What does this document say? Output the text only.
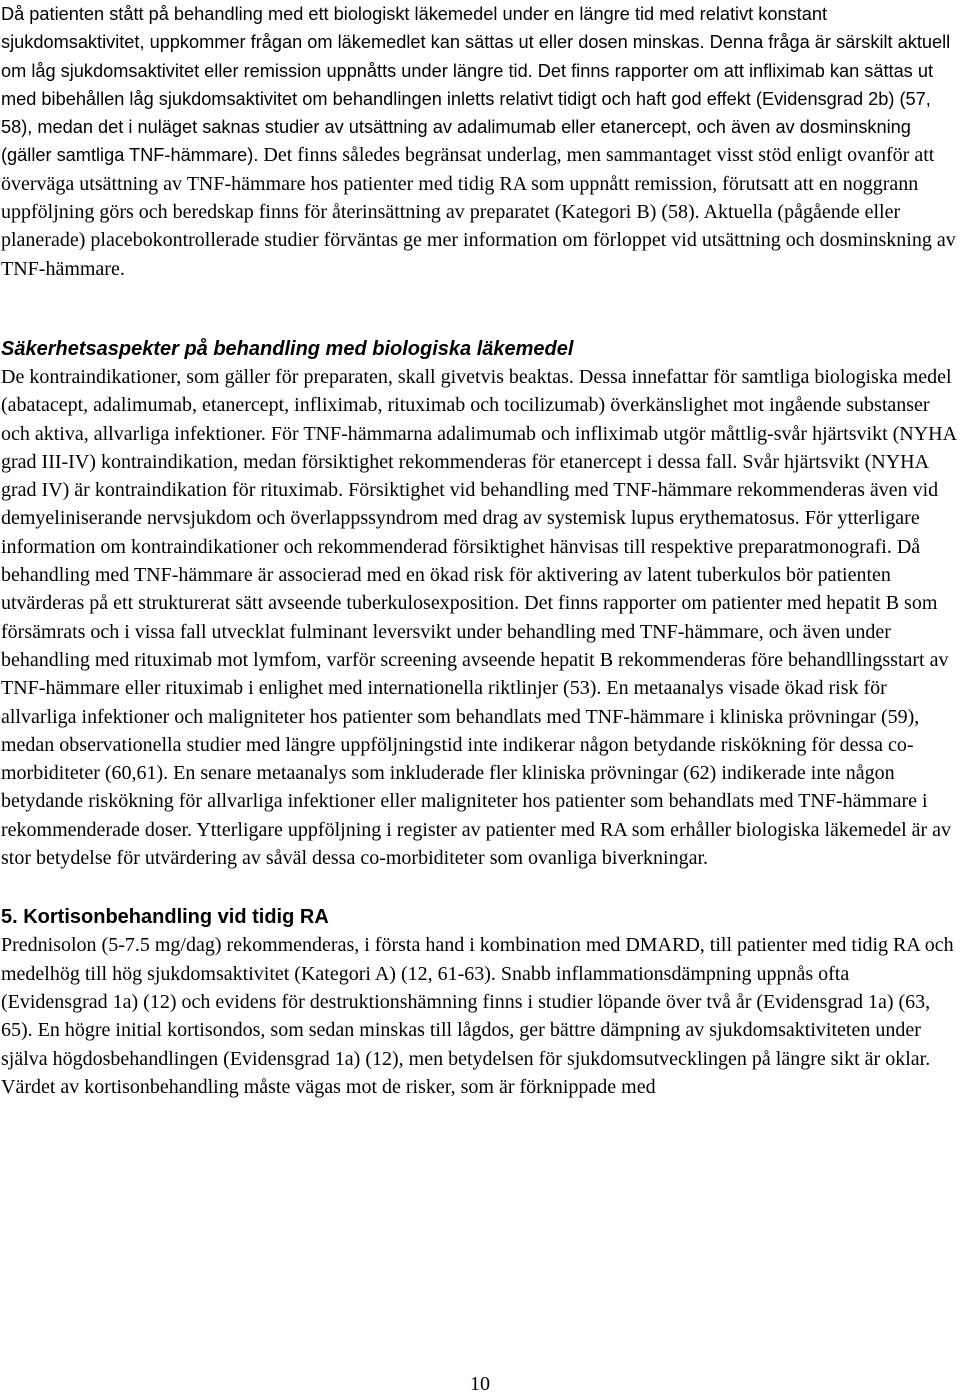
Då patienten stått på behandling med ett biologiskt läkemedel under en längre tid med relativt konstant sjukdomsaktivitet, uppkommer frågan om läkemedlet kan sättas ut eller dosen minskas. Denna fråga är särskilt aktuell om låg sjukdomsaktivitet eller remission uppnåtts under längre tid. Det finns rapporter om att infliximab kan sättas ut med bibehållen låg sjukdomsaktivitet om behandlingen inletts relativt tidigt och haft god effekt (Evidensgrad 2b) (57, 58), medan det i nuläget saknas studier av utsättning av adalimumab eller etanercept, och även av dosminskning (gäller samtliga TNF-hämmare). Det finns således begränsat underlag, men sammantaget visst stöd enligt ovanför att överväga utsättning av TNF-hämmare hos patienter med tidig RA som uppnått remission, förutsatt att en noggrann uppföljning görs och beredskap finns för återinsättning av preparatet (Kategori B) (58). Aktuella (pågående eller planerade) placebokontrollerade studier förväntas ge mer information om förloppet vid utsättning och dosminskning av TNF-hämmare.

Säkerhetsaspekter på behandling med biologiska läkemedel

De kontraindikationer, som gäller för preparaten, skall givetvis beaktas. Dessa innefattar för samtliga biologiska medel (abatacept, adalimumab, etanercept, infliximab, rituximab och tocilizumab) överkänslighet mot ingående substanser och aktiva, allvarliga infektioner. För TNF-hämmarna adalimumab och infliximab utgör måttlig-svår hjärtsvikt (NYHA grad III-IV) kontraindikation, medan försiktighet rekommenderas för etanercept i dessa fall. Svår hjärtsvikt (NYHA grad IV) är kontraindikation för rituximab. Försiktighet vid behandling med TNF-hämmare rekommenderas även vid demyeliniserande nervsjukdom och överlappssyndrom med drag av systemisk lupus erythematosus. För ytterligare information om kontraindikationer och rekommenderad försiktighet hänvisas till respektive preparatmonografi. Då behandling med TNF-hämmare är associerad med en ökad risk för aktivering av latent tuberkulos bör patienten utvärderas på ett strukturerat sätt avseende tuberkulosexposition. Det finns rapporter om patienter med hepatit B som försämrats och i vissa fall utvecklat fulminant leversvikt under behandling med TNF-hämmare, och även under behandling med rituximab mot lymfom, varför screening avseende hepatit B rekommenderas före behandllingsstart av TNF-hämmare eller rituximab i enlighet med internationella riktlinjer (53). En metaanalys visade ökad risk för allvarliga infektioner och maligniteter hos patienter som behandlats med TNF-hämmare i kliniska prövningar (59), medan observationella studier med längre uppföljningstid inte indikerar någon betydande riskökning för dessa co-morbiditeter (60,61). En senare metaanalys som inkluderade fler kliniska prövningar (62) indikerade inte någon betydande riskökning för allvarliga infektioner eller maligniteter hos patienter som behandlats med TNF-hämmare i rekommenderade doser. Ytterligare uppföljning i register av patienter med RA som erhåller biologiska läkemedel är av stor betydelse för utvärdering av såväl dessa co-morbiditeter som ovanliga biverkningar.

5. Kortisonbehandling vid tidig RA

Prednisolon (5-7.5 mg/dag) rekommenderas, i första hand i kombination med DMARD, till patienter med tidig RA och medelhög till hög sjukdomsaktivitet (Kategori A) (12, 61-63). Snabb inflammationsdämpning uppnås ofta (Evidensgrad 1a) (12) och evidens för destruktionshämning finns i studier löpande över två år (Evidensgrad 1a) (63, 65). En högre initial kortisondos, som sedan minskas till lågdos, ger bättre dämpning av sjukdomsaktiviteten under själva högdosbehandlingen (Evidensgrad 1a) (12), men betydelsen för sjukdomsutvecklingen på längre sikt är oklar. Värdet av kortisonbehandling måste vägas mot de risker, som är förknippade med

10
